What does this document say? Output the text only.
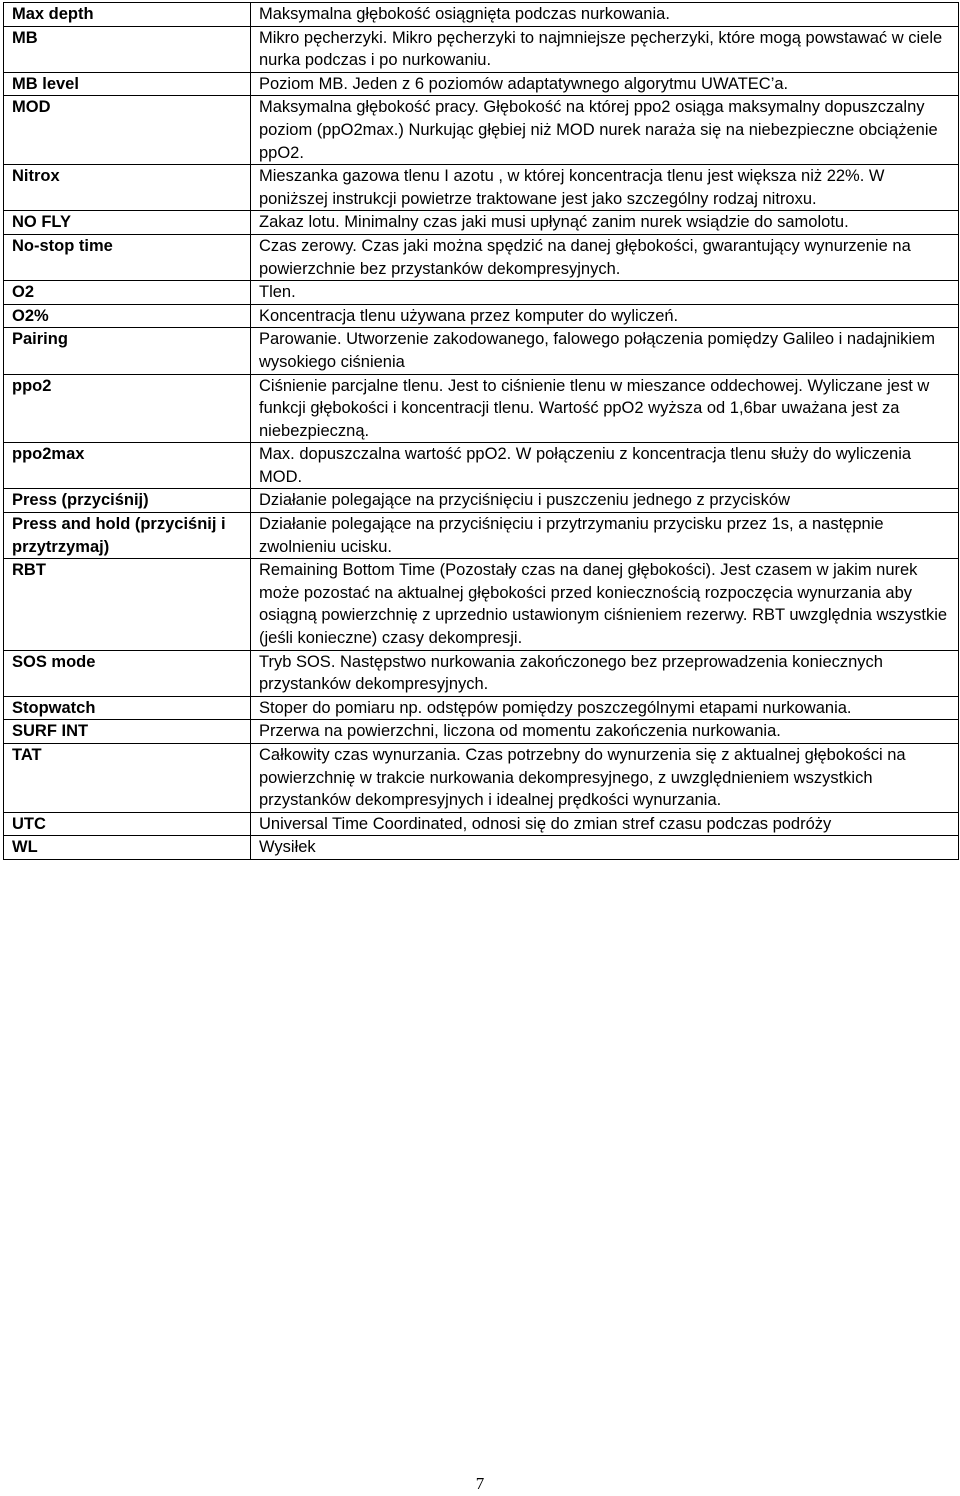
Max depth	Maksymalna głębokość osiągnięta podczas nurkowania.
MB	Mikro pęcherzyki. Mikro pęcherzyki to najmniejsze pęcherzyki, które mogą powstawać w ciele nurka podczas i po nurkowaniu.
MB level	Poziom MB. Jeden z 6 poziomów adaptatywnego algorytmu UWATEC’a.
MOD	Maksymalna głębokość pracy. Głębokość na której ppo2 osiąga maksymalny dopuszczalny poziom (ppO2max.) Nurkując głębiej niż MOD nurek naraża się na niebezpieczne obciążenie ppO2.
Nitrox	Mieszanka gazowa tlenu I azotu , w której koncentracja tlenu jest większa niż 22%. W poniższej instrukcji powietrze traktowane jest jako szczególny rodzaj nitroxu.
NO FLY	Zakaz lotu. Minimalny czas jaki musi upłynąć zanim nurek wsiądzie do samolotu.
No-stop time	Czas zerowy. Czas jaki można spędzić na danej głębokości, gwarantujący wynurzenie na powierzchnie bez przystanków dekompresyjnych.
O2	Tlen.
O2%	Koncentracja tlenu używana przez komputer do wyliczeń.
Pairing	Parowanie. Utworzenie zakodowanego, falowego połączenia pomiędzy Galileo i nadajnikiem wysokiego ciśnienia
ppo2	Ciśnienie parcjalne tlenu. Jest to ciśnienie tlenu w mieszance oddechowej. Wyliczane jest w funkcji głębokości i koncentracji tlenu. Wartość ppO2 wyższa od 1,6bar uważana jest za niebezpieczną.
ppo2max	Max. dopuszczalna wartość ppO2. W połączeniu z koncentracja tlenu służy do wyliczenia MOD.
Press (przyciśnij)	Działanie polegające na przyciśnięciu i puszczeniu jednego z przycisków
Press and hold (przyciśnij i przytrzymaj)	Działanie polegające na przyciśnięciu i przytrzymaniu przycisku przez 1s, a następnie zwolnieniu ucisku.
RBT	Remaining Bottom Time (Pozostały czas na danej głębokości). Jest czasem w jakim nurek może pozostać na aktualnej głębokości przed koniecznością rozpoczęcia wynurzania aby osiągną powierzchnię z uprzednio ustawionym ciśnieniem rezerwy. RBT uwzględnia wszystkie (jeśli konieczne) czasy dekompresji.
SOS mode	Tryb SOS. Następstwo nurkowania zakończonego bez przeprowadzenia koniecznych przystanków dekompresyjnych.
Stopwatch	Stoper do pomiaru np. odstępów pomiędzy poszczególnymi etapami nurkowania.
SURF INT	Przerwa na powierzchni, liczona od momentu zakończenia nurkowania.
TAT	Całkowity czas wynurzania. Czas potrzebny do wynurzenia się z aktualnej głębokości na powierzchnię w trakcie nurkowania dekompresyjnego, z uwzględnieniem wszystkich przystanków dekompresyjnych i idealnej prędkości wynurzania.
UTC	Universal Time Coordinated, odnosi się do zmian stref czasu podczas podróży
WL	Wysiłek
7
